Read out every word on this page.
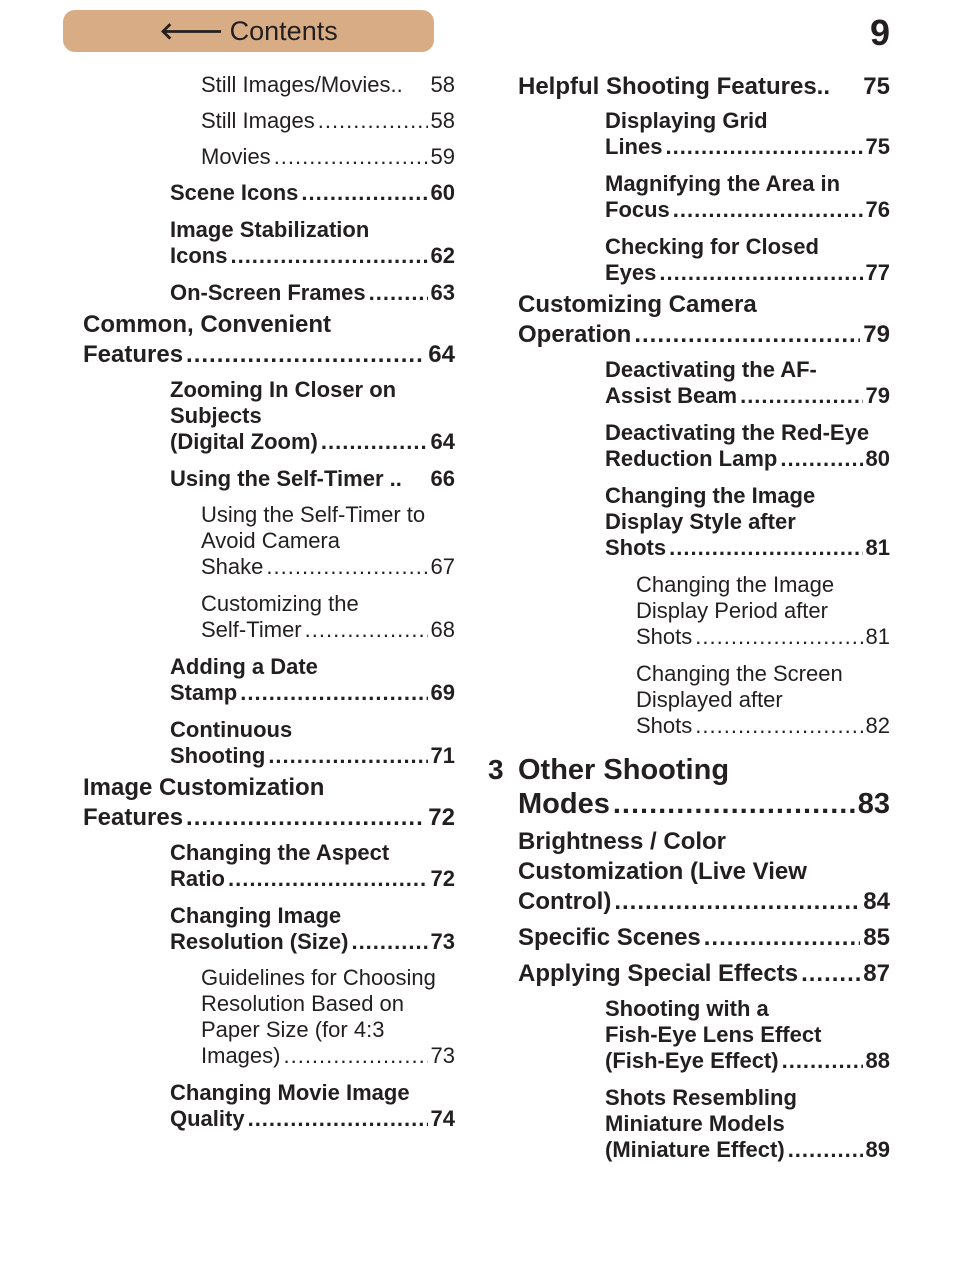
🡐 Contents	9
Still Images/Movies.. 58
Still Images .....	58
Movies .....	59
Scene Icons .....	60
Image Stabilization
Icons .....	62
On-Screen Frames .....	63
Common, Convenient
Features .....	64
Zooming In Closer on
Subjects
(Digital Zoom) .....	64
Using the Self-Timer .. 66
Using the Self-Timer to
Avoid Camera
Shake .....	67
Customizing the
Self-Timer .....	68
Adding a Date
Stamp .....	69
Continuous
Shooting .....	71
Image Customization
Features .....	72
Changing the Aspect
Ratio .....	72
Changing Image
Resolution (Size) .....	73
Guidelines for Choosing
Resolution Based on
Paper Size (for 4:3
Images) .....	73
Changing Movie Image
Quality .....	74
Helpful Shooting Features.. 75
Displaying Grid
Lines .....	75
Magnifying the Area in
Focus .....	76
Checking for Closed
Eyes .....	77
Customizing Camera
Operation .....	79
Deactivating the AF-
Assist Beam .....	79
Deactivating the Red-Eye
Reduction Lamp .....	80
Changing the Image
Display Style after
Shots .....	81
Changing the Image
Display Period after
Shots .....	81
Changing the Screen
Displayed after
Shots .....	82
3 Other Shooting
Modes .....	83
Brightness / Color
Customization (Live View
Control) .....	84
Specific Scenes .....	85
Applying Special Effects .....	87
Shooting with a
Fish-Eye Lens Effect
(Fish-Eye Effect) .....	88
Shots Resembling
Miniature Models
(Miniature Effect) .....	89
